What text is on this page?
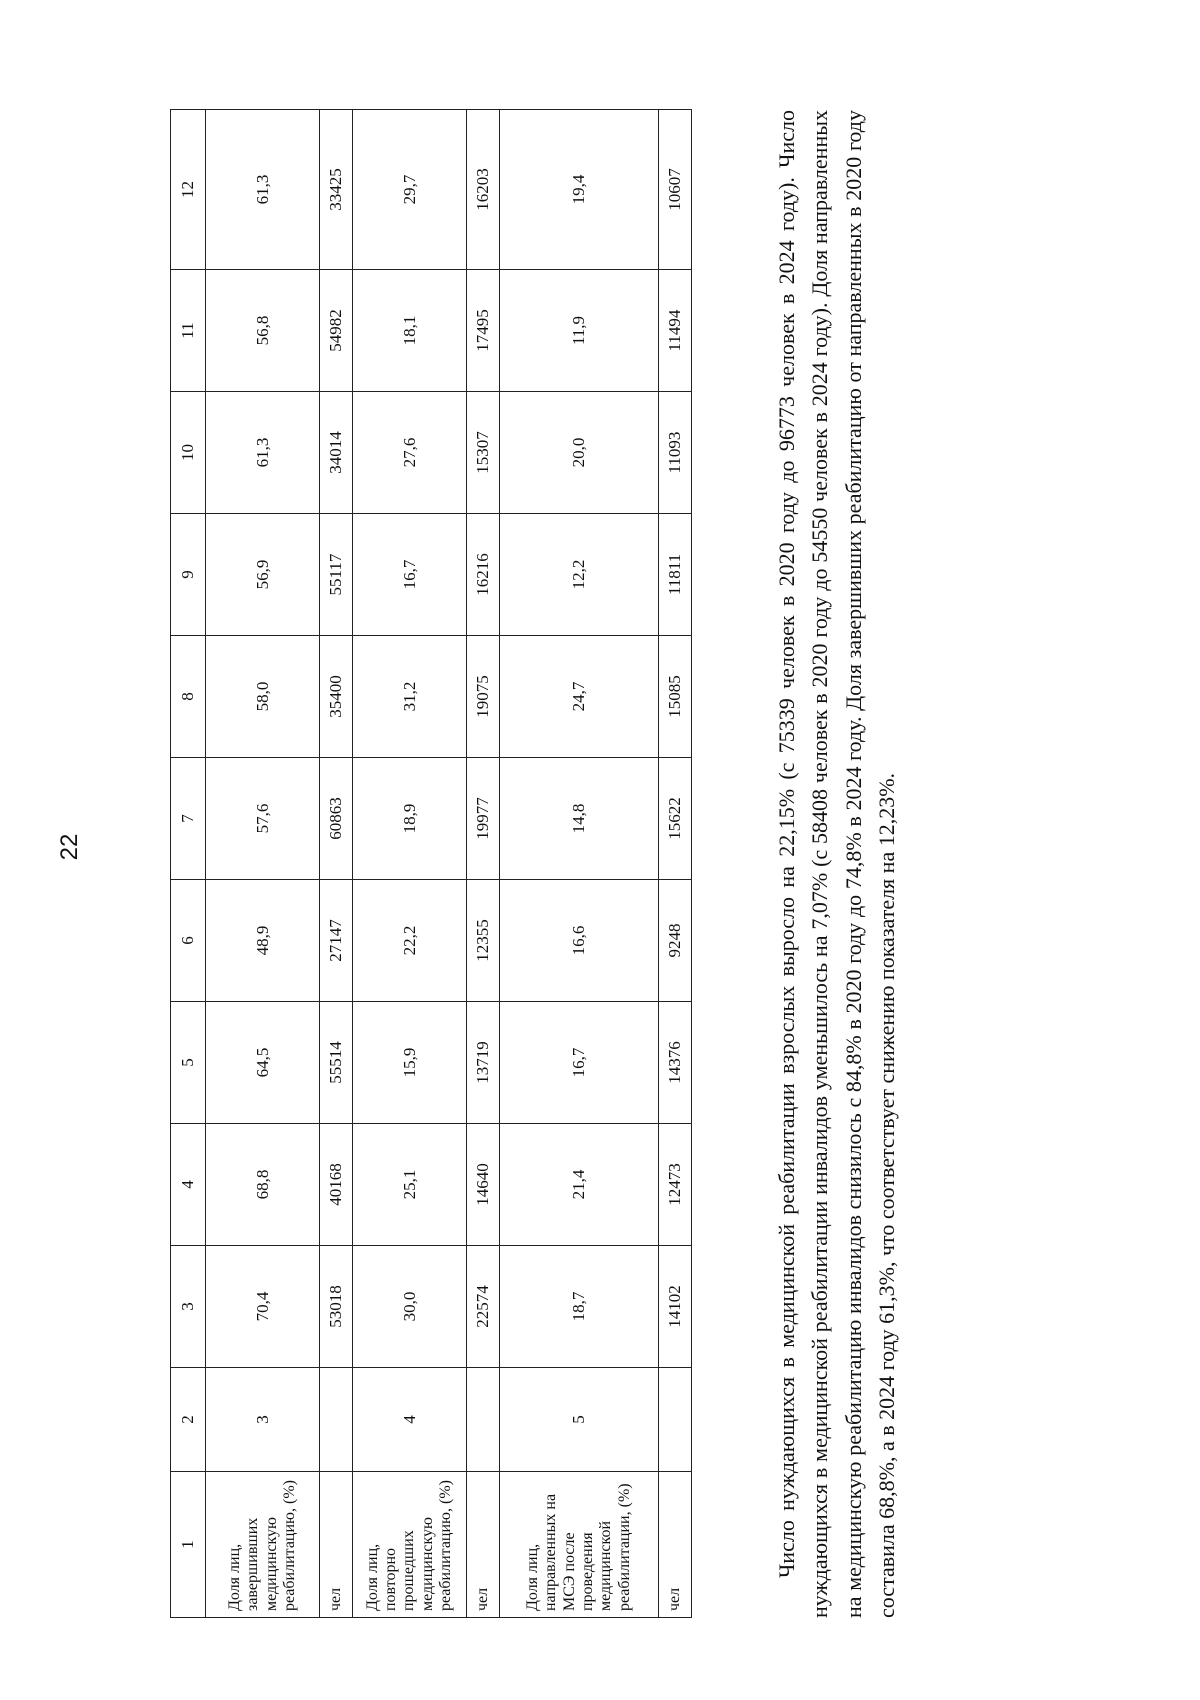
22
1	2	3	4	5	6	7	8	9	10	11	12
Доля лиц, завершивших медицинскую реабилитацию, (%)	3	70,4	68,8	64,5	48,9	57,6	58,0	56,9	61,3	56,8	61,3
чел		53018	40168	55514	27147	60863	35400	55117	34014	54982	33425
Доля лиц, повторно прошедших медицинскую реабилитацию, (%)	4	30,0	25,1	15,9	22,2	18,9	31,2	16,7	27,6	18,1	29,7
чел		22574	14640	13719	12355	19977	19075	16216	15307	17495	16203
Доля лиц, направленных на МСЭ после проведения медицинской реабилитации, (%)	5	18,7	21,4	16,7	16,6	14,8	24,7	12,2	20,0	11,9	19,4
чел		14102	12473	14376	9248	15622	15085	11811	11093	11494	10607	Число нуждающихся в медицинской реабилитации взрослых выросло на 22,15% (с 75339 человек в 2020 году до 96773 человек в 2024 году). Число нуждающихся в медицинской реабилитации инвалидов уменьшилось на 7,07% (с 58408 человек в 2020 году до 54550 человек в 2024 году). Доля направленных на медицинскую реабилитацию инвалидов снизилось с 84,8% в 2020 году до 74,8% в 2024 году. Доля завершивших реабилитацию от направленных в 2020 году составила 68,8%, а в 2024 году 61,3%, что соответствует снижению показателя на 12,23%.
